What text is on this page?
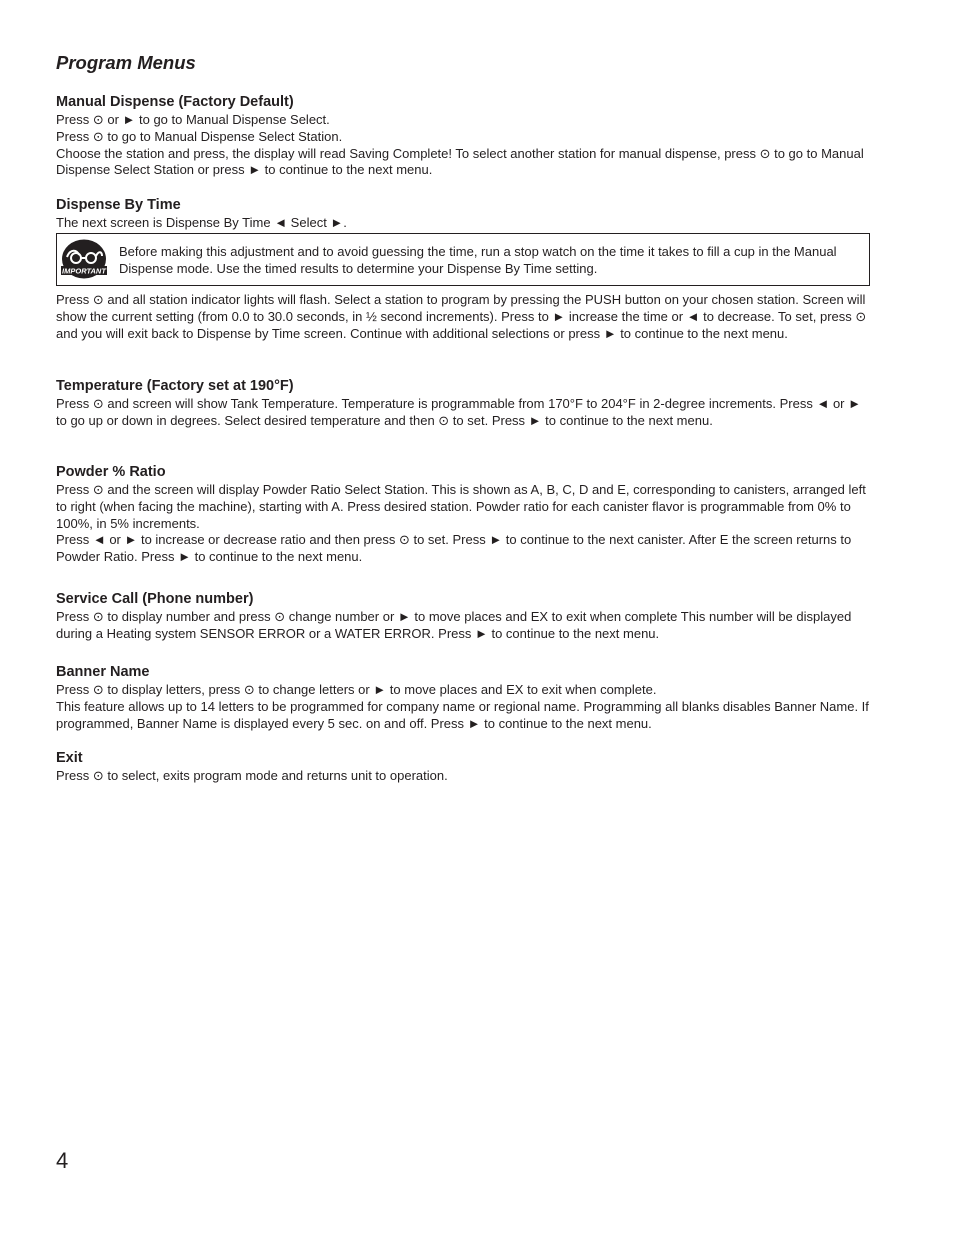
Program Menus
Manual Dispense (Factory Default)

Press ⊙ or ► to go to Manual Dispense Select.

Press ⊙ to go to Manual Dispense Select Station.

Choose the station and press, the display will read Saving Complete! To select another station for manual dispense, press ⊙ to go to Manual Dispense Select Station or press ► to continue to the next menu.

Dispense By Time

The next screen is Dispense By Time ◄ Select ►.

IMPORTANT

Before making this adjustment and to avoid guessing the time, run a stop watch on the time it takes to fill a cup in the Manual Dispense mode. Use the timed results to determine your Dispense By Time setting.

Press ⊙ and all station indicator lights will flash. Select a station to program by pressing the PUSH button on your chosen station. Screen will show the current setting (from 0.0 to 30.0 seconds, in ½ second increments). Press to ► increase the time or ◄ to decrease. To set, press ⊙ and you will exit back to Dispense by Time screen. Continue with additional selections or press ► to continue to the next menu.

Temperature (Factory set at 190°F)

Press ⊙ and screen will show Tank Temperature. Temperature is programmable from 170°F to 204°F in 2-degree increments. Press ◄ or ► to go up or down in degrees. Select desired temperature and then ⊙ to set. Press ► to continue to the next menu.

Powder % Ratio

Press ⊙ and the screen will display Powder Ratio Select Station. This is shown as A, B, C, D and E, corresponding to canisters, arranged left to right (when facing the machine), starting with A. Press desired station. Powder ratio for each canister flavor is programmable from 0% to 100%, in 5% increments.

Press ◄ or ► to increase or decrease ratio and then press ⊙ to set. Press ► to continue to the next canister. After E the screen returns to Powder Ratio. Press ► to continue to the next menu.

Service Call (Phone number)

Press ⊙ to display number and press ⊙ change number or ► to move places and EX to exit when complete This number will be displayed during a Heating system SENSOR ERROR or a WATER ERROR. Press ► to continue to the next menu.

Banner Name

Press ⊙ to display letters, press ⊙ to change letters or ► to move places and EX to exit when complete.

This feature allows up to 14 letters to be programmed for company name or regional name. Programming all blanks disables Banner Name. If programmed, Banner Name is displayed every 5 sec. on and off. Press ► to continue to the next menu.

Exit

Press ⊙ to select, exits program mode and returns unit to operation.

4
